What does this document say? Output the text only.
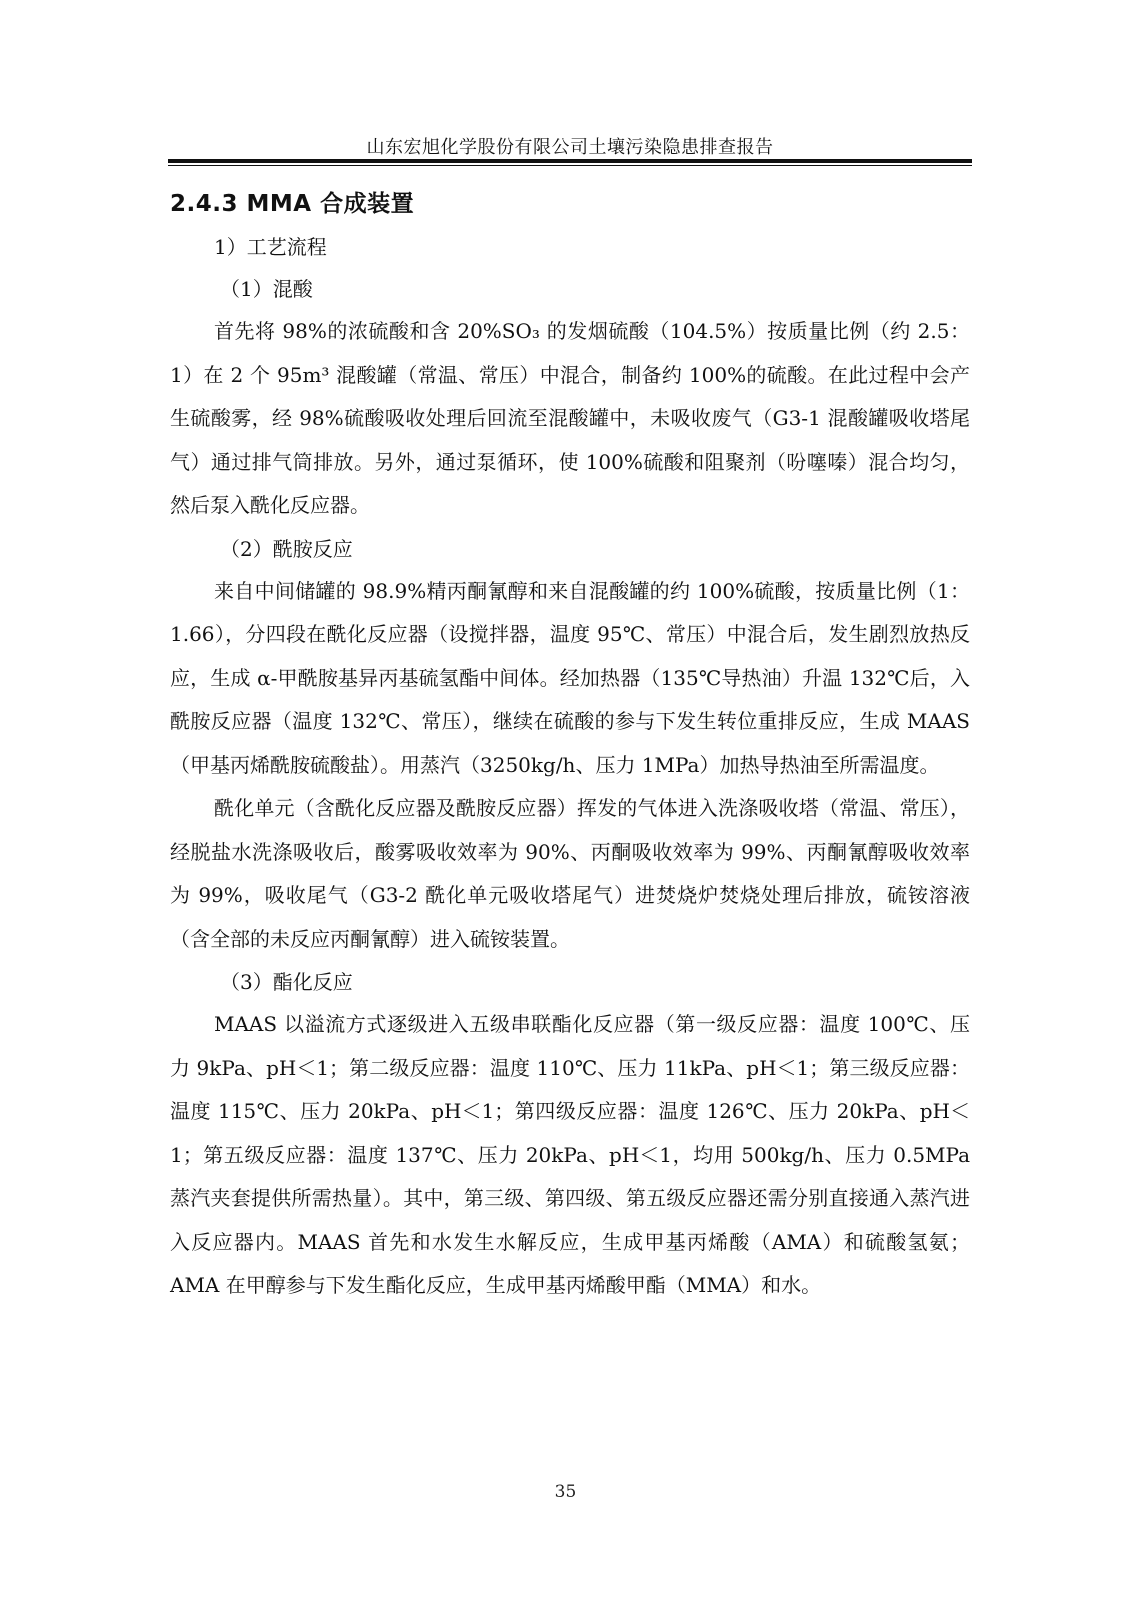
山东宏旭化学股份有限公司土壤污染隐患排查报告
2.4.3 MMA 合成装置

1）工艺流程

（1）混酸

首先将 98%的浓硫酸和含 20%SO₃ 的发烟硫酸（104.5%）按质量比例（约 2.5：1）在 2 个 95m³ 混酸罐（常温、常压）中混合，制备约 100%的硫酸。在此过程中会产生硫酸雾，经 98%硫酸吸收处理后回流至混酸罐中，未吸收废气（G3-1 混酸罐吸收塔尾气）通过排气筒排放。另外，通过泵循环，使 100%硫酸和阻聚剂（吩噻嗪）混合均匀，然后泵入酰化反应器。

（2）酰胺反应

来自中间储罐的 98.9%精丙酮氰醇和来自混酸罐的约 100%硫酸，按质量比例（1：1.66），分四段在酰化反应器（设搅拌器，温度 95℃、常压）中混合后，发生剧烈放热反应，生成 α-甲酰胺基异丙基硫氢酯中间体。经加热器（135℃导热油）升温 132℃后，入酰胺反应器（温度 132℃、常压），继续在硫酸的参与下发生转位重排反应，生成 MAAS（甲基丙烯酰胺硫酸盐）。用蒸汽（3250kg/h、压力 1MPa）加热导热油至所需温度。

酰化单元（含酰化反应器及酰胺反应器）挥发的气体进入洗涤吸收塔（常温、常压），经脱盐水洗涤吸收后，酸雾吸收效率为 90%、丙酮吸收效率为 99%、丙酮氰醇吸收效率为 99%，吸收尾气（G3-2 酰化单元吸收塔尾气）进焚烧炉焚烧处理后排放，硫铵溶液（含全部的未反应丙酮氰醇）进入硫铵装置。

（3）酯化反应

MAAS 以溢流方式逐级进入五级串联酯化反应器（第一级反应器：温度 100℃、压力 9kPa、pH＜1；第二级反应器：温度 110℃、压力 11kPa、pH＜1；第三级反应器：温度 115℃、压力 20kPa、pH＜1；第四级反应器：温度 126℃、压力 20kPa、pH＜1；第五级反应器：温度 137℃、压力 20kPa、pH＜1，均用 500kg/h、压力 0.5MPa 蒸汽夹套提供所需热量）。其中，第三级、第四级、第五级反应器还需分别直接通入蒸汽进入反应器内。MAAS 首先和水发生水解反应，生成甲基丙烯酸（AMA）和硫酸氢氨；AMA 在甲醇参与下发生酯化反应，生成甲基丙烯酸甲酯（MMA）和水。

35
